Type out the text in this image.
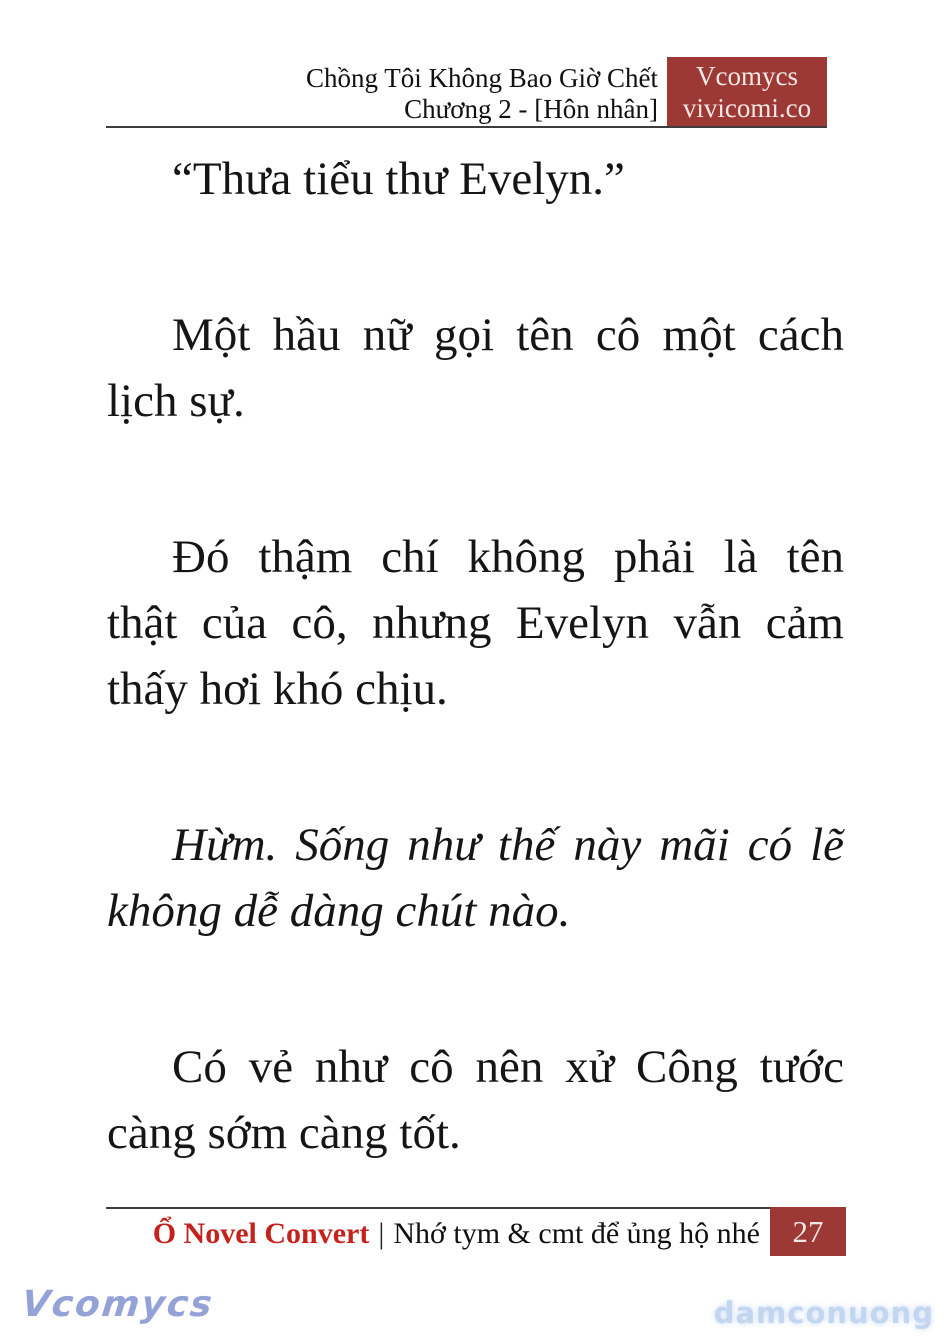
Chồng Tôi Không Bao Giờ Chết
Chương 2 - [Hôn nhân]
Vcomycs
vivicomi.co

“Thưa tiểu thư Evelyn.”

Một hầu nữ gọi tên cô một cách
lịch sự.

Đó thậm chí không phải là tên
thật của cô, nhưng Evelyn vẫn cảm
thấy hơi khó chịu.

Hừm. Sống như thế này mãi có lẽ
không dễ dàng chút nào.

Có vẻ như cô nên xử Công tước
càng sớm càng tốt.

Ổ Novel Convert | Nhớ tym & cmt để ủng hộ nhé 27
Vcomycs	damconuong
